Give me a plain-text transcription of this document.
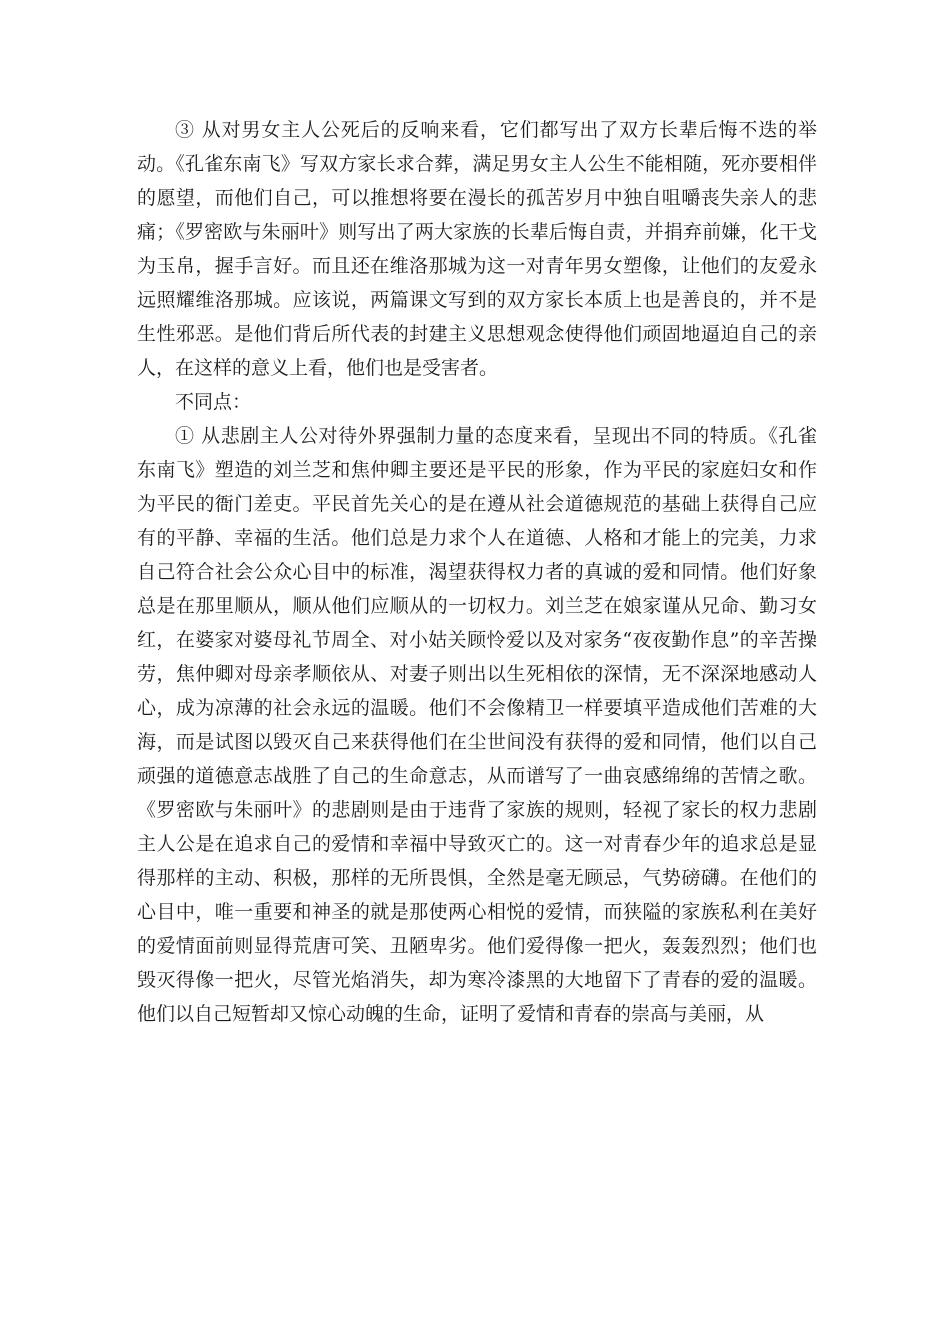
③ 从对男女主人公死后的反响来看，它们都写出了双方长辈后悔不迭的举动。《孔雀东南飞》写双方家长求合葬，满足男女主人公生不能相随，死亦要相伴的愿望，而他们自己，可以推想将要在漫长的孤苦岁月中独自咀嚼丧失亲人的悲痛；《罗密欧与朱丽叶》则写出了两大家族的长辈后悔自责，并捐弃前嫌，化干戈为玉帛，握手言好。而且还在维洛那城为这一对青年男女塑像，让他们的友爱永远照耀维洛那城。应该说，两篇课文写到的双方家长本质上也是善良的，并不是生性邪恶。是他们背后所代表的封建主义思想观念使得他们顽固地逼迫自己的亲人，在这样的意义上看，他们也是受害者。

不同点：

① 从悲剧主人公对待外界强制力量的态度来看，呈现出不同的特质。《孔雀东南飞》塑造的刘兰芝和焦仲卿主要还是平民的形象，作为平民的家庭妇女和作为平民的衙门差吏。平民首先关心的是在遵从社会道德规范的基础上获得自己应有的平静、幸福的生活。他们总是力求个人在道德、人格和才能上的完美，力求自己符合社会公众心目中的标准，渴望获得权力者的真诚的爱和同情。他们好象总是在那里顺从，顺从他们应顺从的一切权力。刘兰芝在娘家谨从兄命、勤习女红，在婆家对婆母礼节周全、对小姑关顾怜爱以及对家务“夜夜勤作息”的辛苦操劳，焦仲卿对母亲孝顺依从、对妻子则出以生死相依的深情，无不深深地感动人心，成为凉薄的社会永远的温暖。他们不会像精卫一样要填平造成他们苦难的大海，而是试图以毁灭自己来获得他们在尘世间没有获得的爱和同情，他们以自己顽强的道德意志战胜了自己的生命意志，从而谱写了一曲哀感绵绵的苦情之歌。《罗密欧与朱丽叶》的悲剧则是由于违背了家族的规则，轻视了家长的权力悲剧主人公是在追求自己的爱情和幸福中导致灭亡的。这一对青春少年的追求总是显得那样的主动、积极，那样的无所畏惧，全然是毫无顾忌，气势磅礴。在他们的心目中，唯一重要和神圣的就是那使两心相悦的爱情，而狭隘的家族私利在美好的爱情面前则显得荒唐可笑、丑陋卑劣。他们爱得像一把火，轰轰烈烈；他们也毁灭得像一把火，尽管光焰消失，却为寒冷漆黑的大地留下了青春的爱的温暖。他们以自己短暂却又惊心动魄的生命，证明了爱情和青春的崇高与美丽，从
